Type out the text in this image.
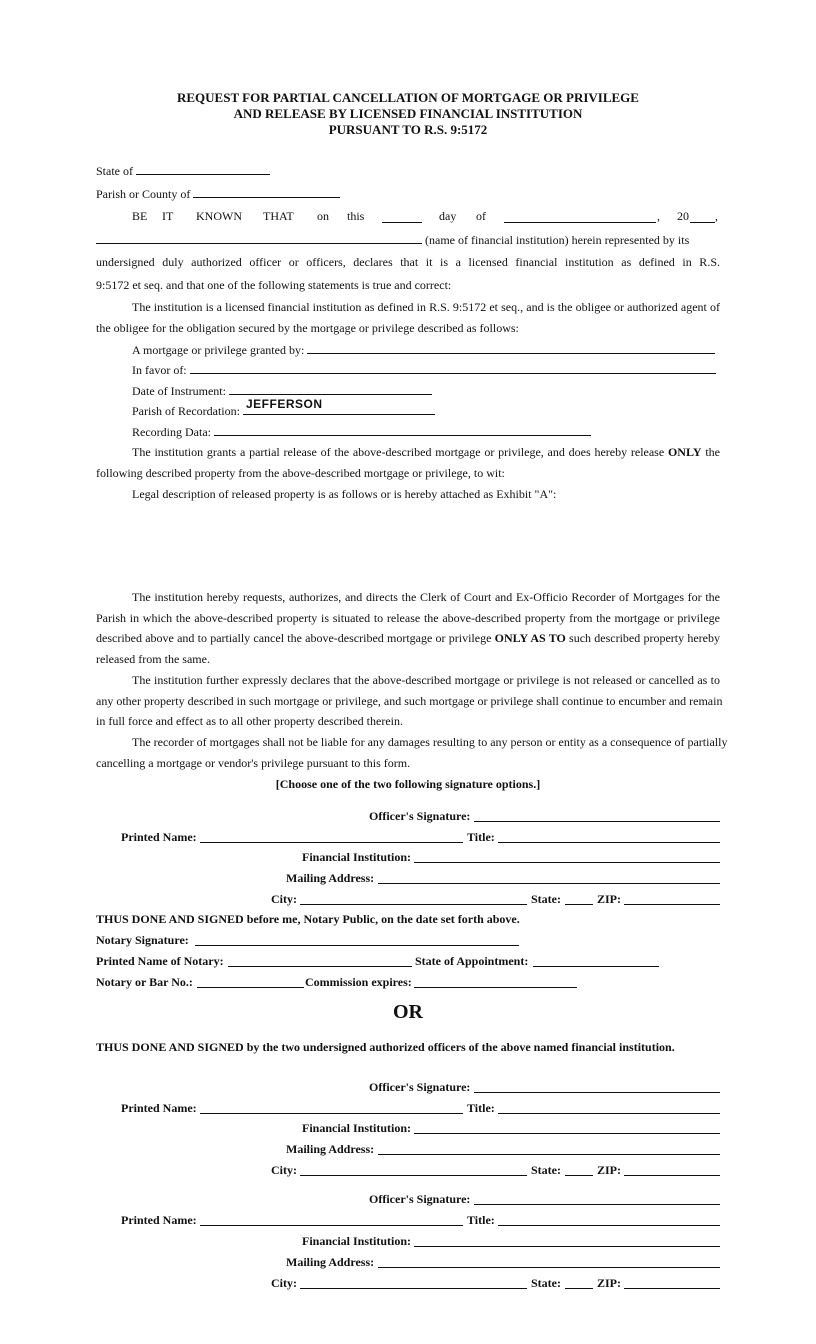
REQUEST FOR PARTIAL CANCELLATION OF MORTGAGE OR PRIVILEGE
AND RELEASE BY LICENSED FINANCIAL INSTITUTION
PURSUANT TO R.S. 9:5172
State of
Parish or County of
BE IT KNOWN THAT on this	day of	, 20 ,
(name of financial institution) herein represented by its
undersigned duly authorized officer or officers, declares that it is a licensed financial institution as defined in R.S.
9:5172 et seq. and that one of the following statements is true and correct:
The institution is a licensed financial institution as defined in R.S. 9:5172 et seq., and is the obligee or authorized agent of
the obligee for the obligation secured by the mortgage or privilege described as follows:
A mortgage or privilege granted by:
In favor of:
Date of Instrument:
Parish of Recordation: JEFFERSON
Recording Data:
The institution grants a partial release of the above-described mortgage or privilege, and does hereby release ONLY the
following described property from the above-described mortgage or privilege, to wit:
Legal description of released property is as follows or is hereby attached as Exhibit "A":
The institution hereby requests, authorizes, and directs the Clerk of Court and Ex-Officio Recorder of Mortgages for the
Parish in which the above-described property is situated to release the above-described property from the mortgage or privilege
described above and to partially cancel the above-described mortgage or privilege ONLY AS TO such described property hereby
released from the same.
The institution further expressly declares that the above-described mortgage or privilege is not released or cancelled as to
any other property described in such mortgage or privilege, and such mortgage or privilege shall continue to encumber and remain
in full force and effect as to all other property described therein.
The recorder of mortgages shall not be liable for any damages resulting to any person or entity as a consequence of partially
cancelling a mortgage or vendor's privilege pursuant to this form.
[Choose one of the two following signature options.]
Officer's Signature:
Printed Name:	Title:
Financial Institution:
Mailing Address:
City:	State:	ZIP:
THUS DONE AND SIGNED before me, Notary Public, on the date set forth above.
Notary Signature:
Printed Name of Notary:	State of Appointment:
Notary or Bar No.:	Commission expires:
OR
THUS DONE AND SIGNED by the two undersigned authorized officers of the above named financial institution.
Officer's Signature:
Printed Name:	Title:
Financial Institution:
Mailing Address:
City:	State:	ZIP:
Officer's Signature:
Printed Name:	Title:
Financial Institution:
Mailing Address:
City:	State:	ZIP:
